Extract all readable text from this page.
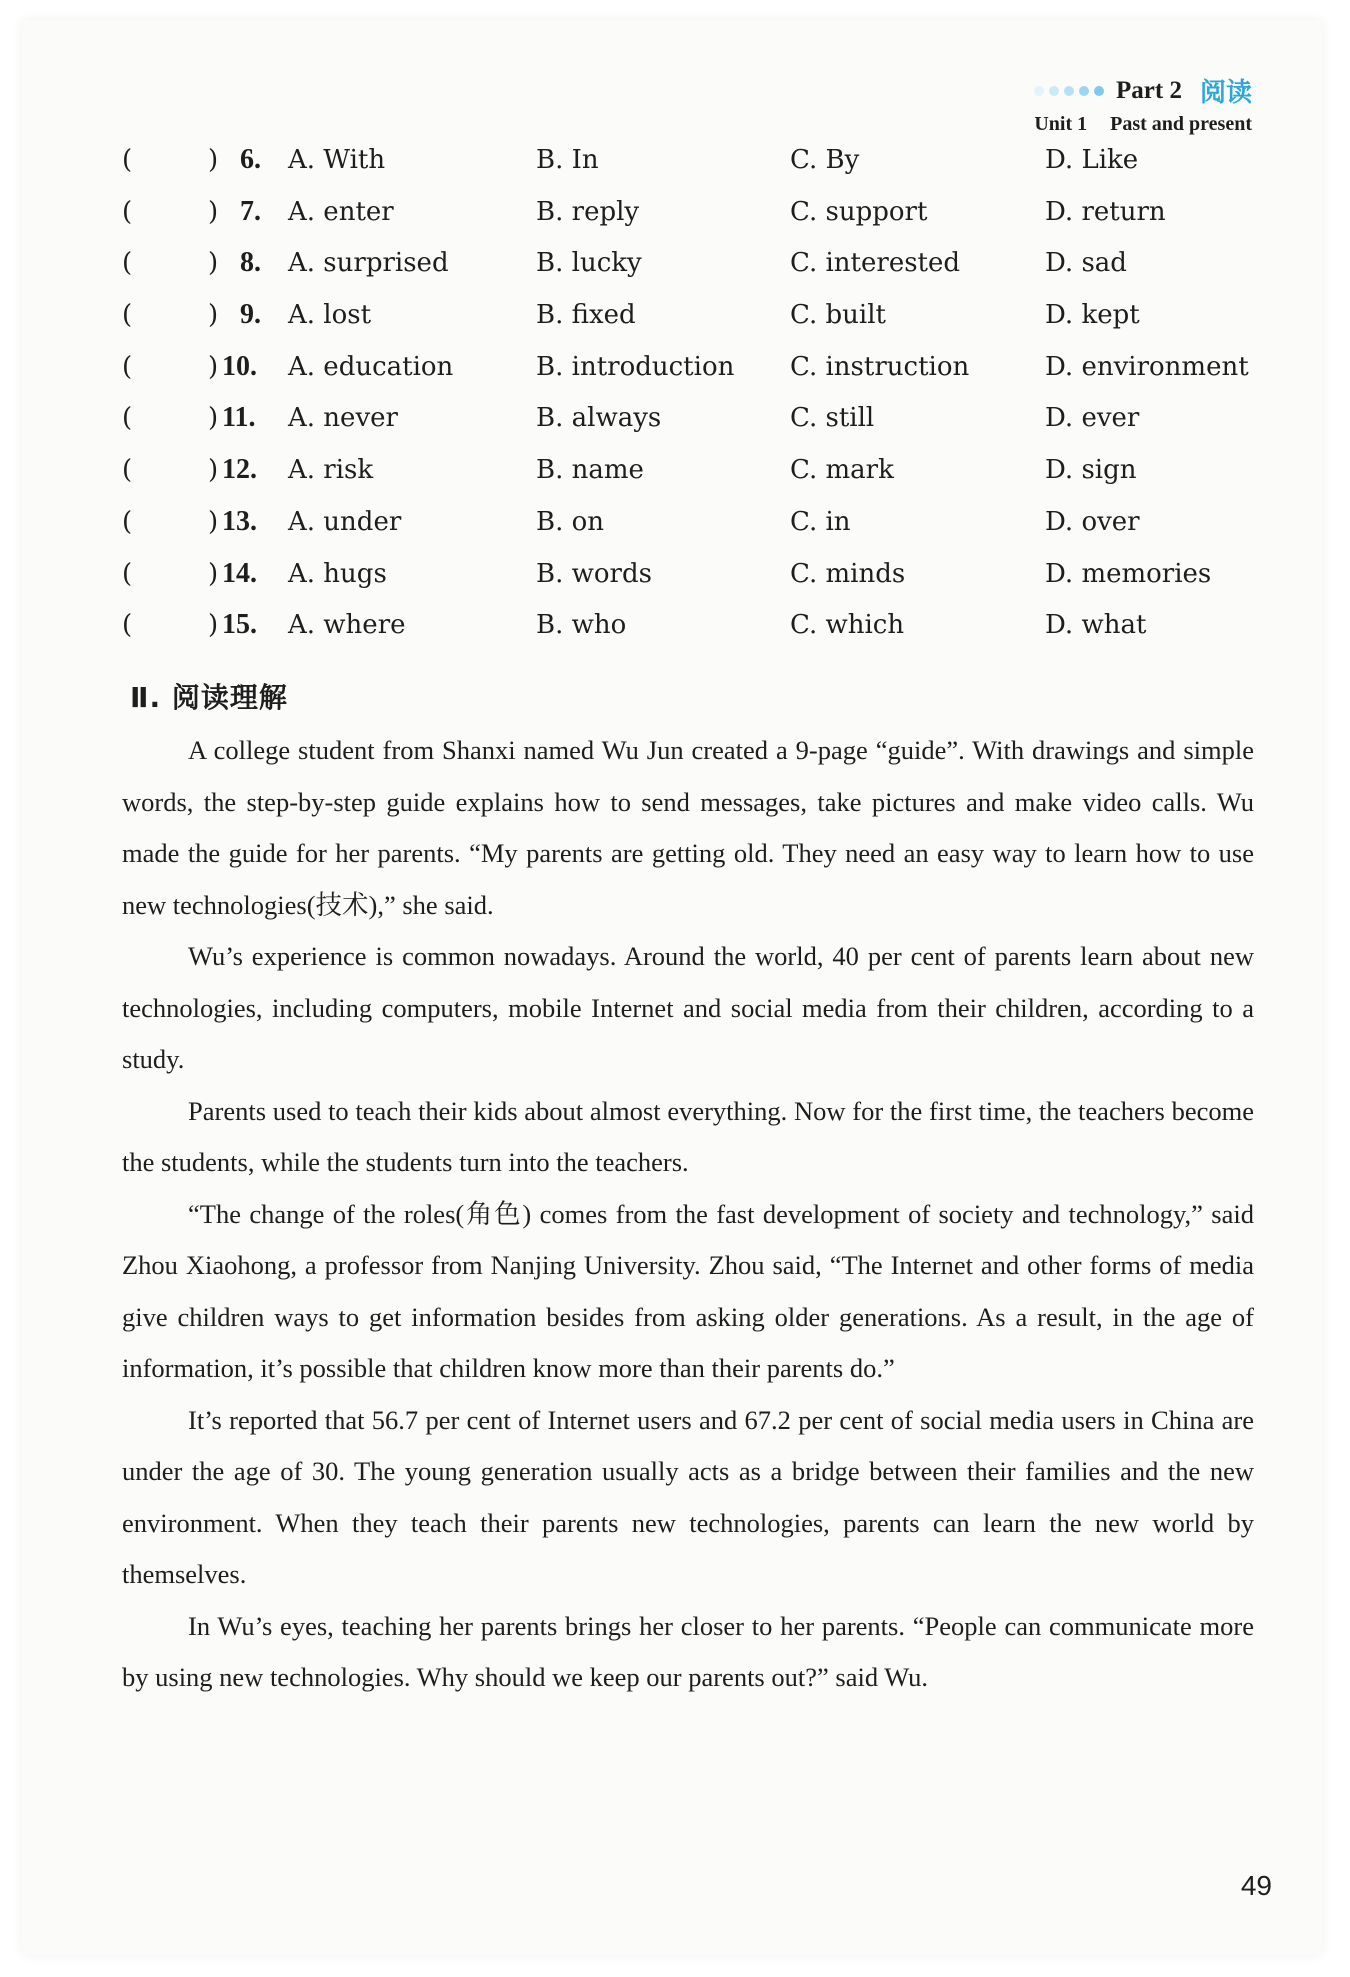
Part 2 阅读
Unit 1 Past and present
(	) 6. A. With	B. In	C. By	D. Like
(	) 7. A. enter	B. reply	C. support	D. return
(	) 8. A. surprised	B. lucky	C. interested	D. sad
(	) 9. A. lost	B. fixed	C. built	D. kept
(	) 10. A. education	B. introduction C. instruction	D. environment
(	) 11. A. never	B. always	C. still	D. ever
(	) 12. A. risk	B. name	C. mark	D. sign
(	) 13. A. under	B. on	C. in	D. over
(	) 14. A. hugs	B. words	C. minds	D. memories
(	) 15. A. where	B. who	C. which	D. what
Ⅱ. 阅读理解

A college student from Shanxi named Wu Jun created a 9-page “guide”. With drawings and simple words, the step-by-step guide explains how to send messages, take pictures and make video calls. Wu made the guide for her parents. “My parents are getting old. They need an easy way to learn how to use new technologies(技术),” she said.

Wu’s experience is common nowadays. Around the world, 40 per cent of parents learn about new technologies, including computers, mobile Internet and social media from their children, according to a study.

Parents used to teach their kids about almost everything. Now for the first time, the teachers become the students, while the students turn into the teachers.

“The change of the roles(角色) comes from the fast development of society and technology,” said Zhou Xiaohong, a professor from Nanjing University. Zhou said, “The Internet and other forms of media give children ways to get information besides from asking older generations. As a result, in the age of information, it’s possible that children know more than their parents do.”

It’s reported that 56.7 per cent of Internet users and 67.2 per cent of social media users in China are under the age of 30. The young generation usually acts as a bridge between their families and the new environment. When they teach their parents new technologies, parents can learn the new world by themselves.

In Wu’s eyes, teaching her parents brings her closer to her parents. “People can communicate more by using new technologies. Why should we keep our parents out?” said Wu.

49
